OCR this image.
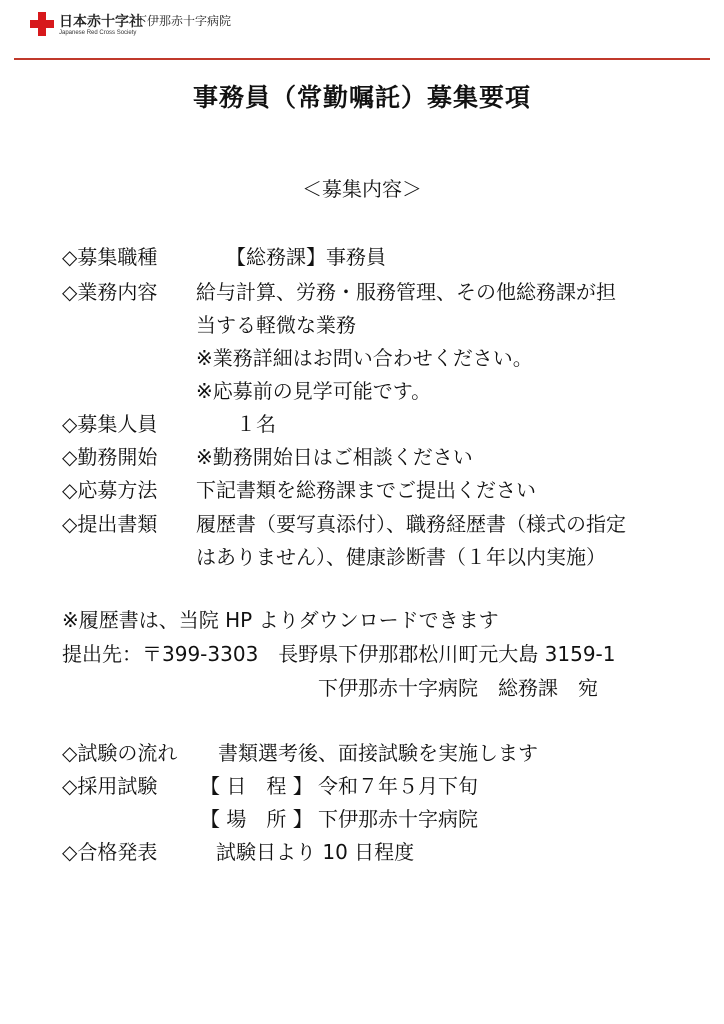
日本赤十字社
Japanese Red Cross Society
下伊那赤十字病院
事務員（常勤嘱託）募集要項
＜募集内容＞
◇募集職種	【総務課】事務員
◇業務内容 給与計算、労務・服務管理、その他総務課が担
当する軽微な業務
※業務詳細はお問い合わせください。
※応募前の見学可能です。
◇募集人員	１名
◇勤務開始 ※勤務開始日はご相談ください
◇応募方法 下記書類を総務課までご提出ください
◇提出書類 履歴書（要写真添付）、職務経歴書（様式の指定
はありません）、健康診断書（１年以内実施）
※履歴書は、当院 HP よりダウンロードできます
提出先：〒399-3303　長野県下伊那郡松川町元大島 3159-1
下伊那赤十字病院　総務課　宛
◇試験の流れ 書類選考後、面接試験を実施します
◇採用試験 【 日　程 】 令和７年５月下旬
【 場　所 】 下伊那赤十字病院
◇合格発表	試験日より 10 日程度
